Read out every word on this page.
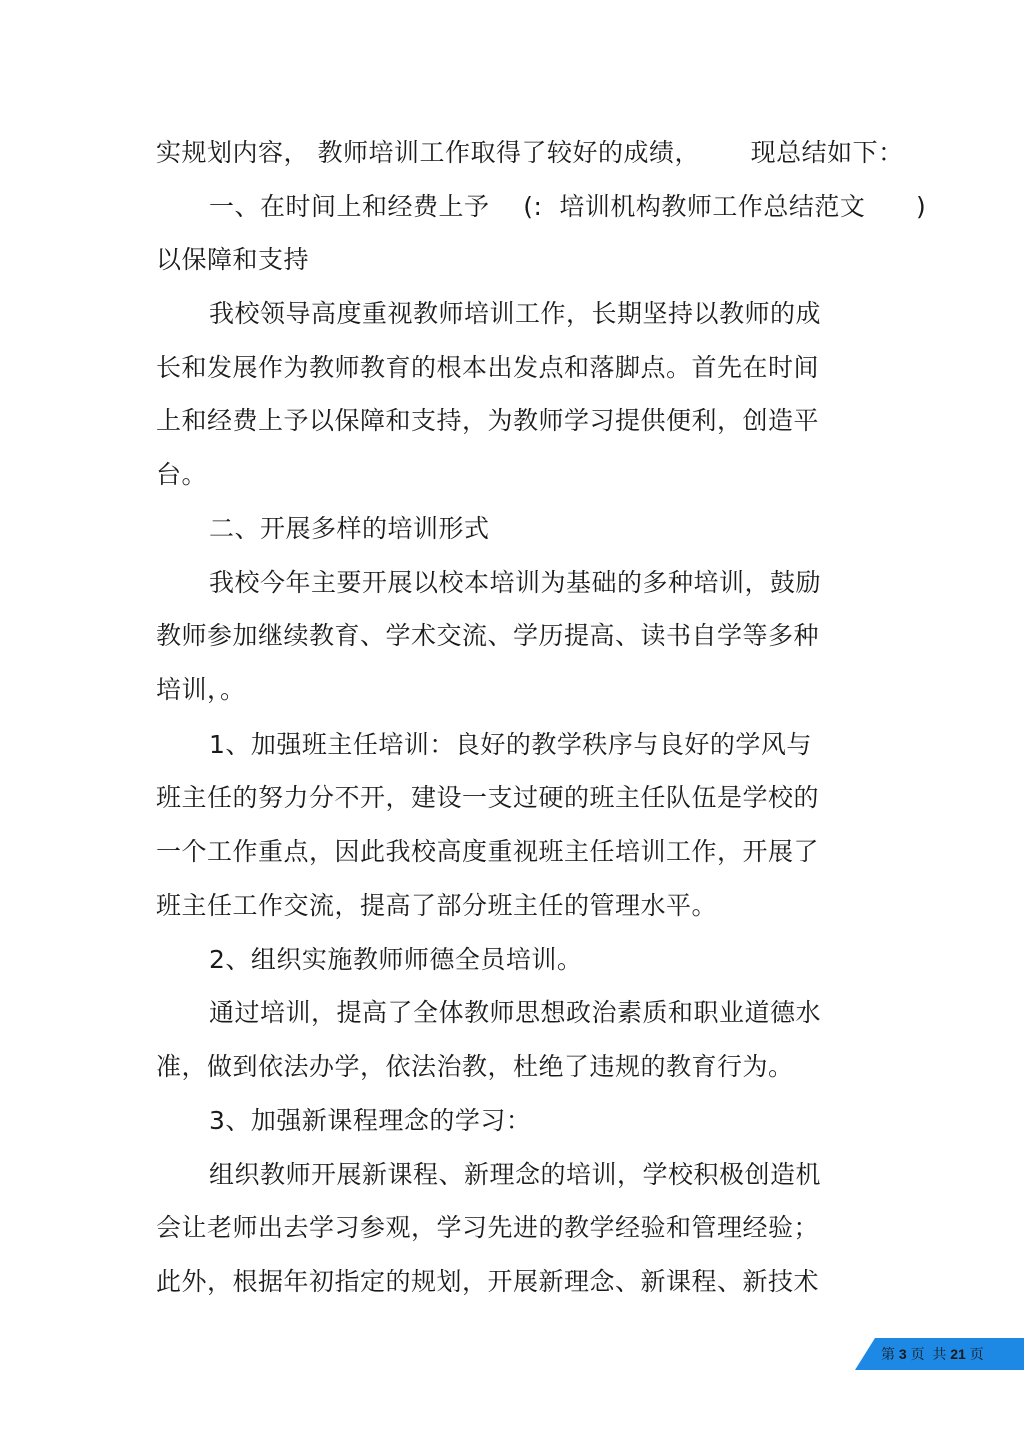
实规划内容， 教师培训工作取得了较好的成绩，      现总结如下：
一、在时间上和经费上予    (:  培训机构教师工作总结范文      )
以保障和支持
我校领导高度重视教师培训工作，长期坚持以教师的成
长和发展作为教师教育的根本出发点和落脚点。首先在时间
上和经费上予以保障和支持，为教师学习提供便利，创造平
台。
二、开展多样的培训形式
我校今年主要开展以校本培训为基础的多种培训，鼓励
教师参加继续教育、学术交流、学历提高、读书自学等多种
培训，。
1、加强班主任培训：良好的教学秩序与良好的学风与
班主任的努力分不开，建设一支过硬的班主任队伍是学校的
一个工作重点，因此我校高度重视班主任培训工作，开展了
班主任工作交流，提高了部分班主任的管理水平。
2、组织实施教师师德全员培训。
通过培训，提高了全体教师思想政治素质和职业道德水
准，做到依法办学，依法治教，杜绝了违规的教育行为。
3、加强新课程理念的学习：
组织教师开展新课程、新理念的培训，学校积极创造机
会让老师出去学习参观，学习先进的教学经验和管理经验；
此外，根据年初指定的规划，开展新理念、新课程、新技术
第 3 页  共 21 页
